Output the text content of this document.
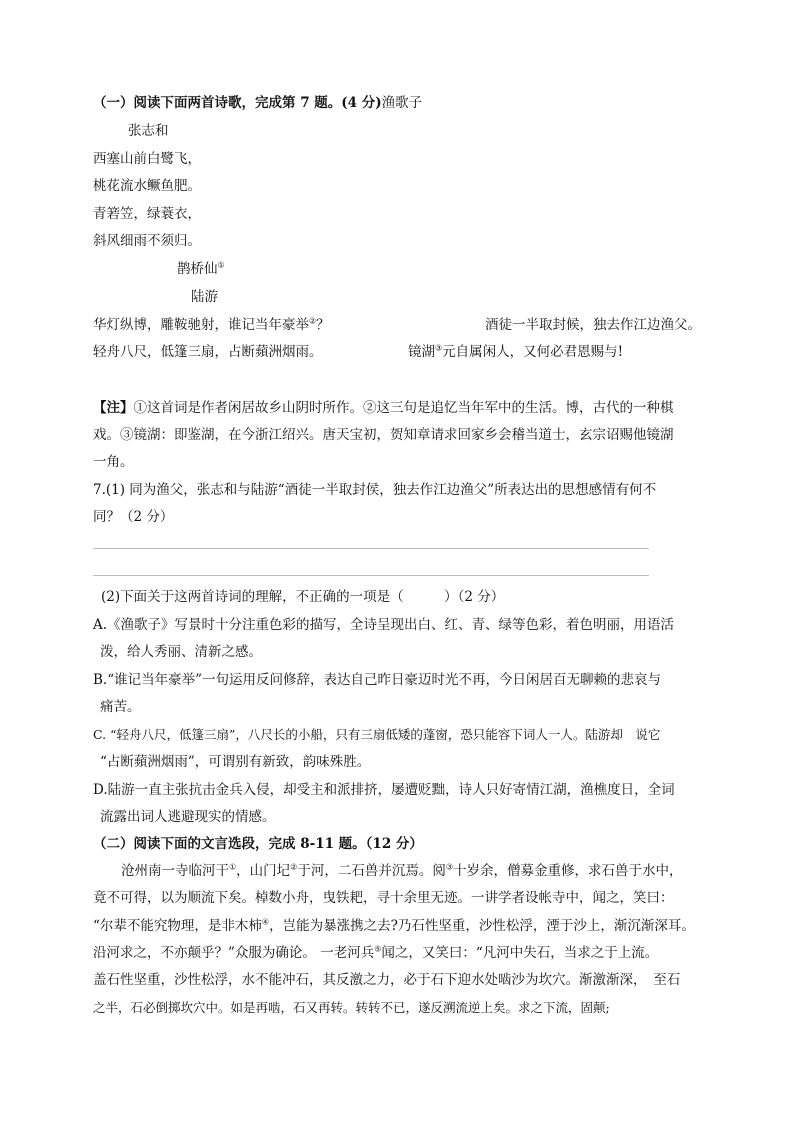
（一）阅读下面两首诗歌，完成第 7 题。(4 分)渔歌子
张志和
西塞山前白鹭飞，
桃花流水鳜鱼肥。
青箬笠，绿蓑衣，
斜风细雨不须归。
鹊桥仙①
陆游
华灯纵博，雕鞍驰射，谁记当年豪举②？	酒徒一半取封候，独去作江边渔父。
轻舟八尺，低篷三扇，占断蘋洲烟雨。	镜湖③元自属闲人，又何必君恩赐与!
【注】①这首词是作者闲居故乡山阴时所作。②这三句是追忆当年军中的生活。博，古代的一种棋
戏。③镜湖：即鉴湖，在今浙江绍兴。唐天宝初，贺知章请求回家乡会稽当道士，玄宗诏赐他镜湖
一角。
7.(1) 同为渔父，张志和与陆游“酒徒一半取封侯，独去作江边渔父”所表达出的思想感情有何不
同？（2 分）
(2)下面关于这两首诗词的理解，不正确的一项是（　　　）（2 分）
A.《渔歌子》写景时十分注重色彩的描写，全诗呈现出白、红、青、绿等色彩，着色明丽，用语活
泼，给人秀丽、清新之感。
B.“谁记当年豪举”一句运用反问修辞，表达自己昨日豪迈时光不再，今日闲居百无聊赖的悲哀与
痛苦。
C. “轻舟八尺，低篷三扇”，八尺长的小船，只有三扇低矮的蓬窗，恐只能容下词人一人。陆游却　说它
“占断蘋洲烟雨”，可谓别有新致，韵味殊胜。
D.陆游一直主张抗击金兵入侵，却受主和派排挤，屡遭贬黜，诗人只好寄情江湖，渔樵度日，全词
流露出词人逃避现实的情感。
（二）阅读下面的文言选段，完成 8-11 题。（12 分）
沧州南一寺临河干①，山门圮②于河，二石兽并沉焉。阅③十岁余，僧募金重修，求石兽于水中，
竟不可得，以为顺流下矣。棹数小舟，曳铁耙，寻十余里无迹。一讲学者设帐寺中，闻之，笑曰：
“尔辈不能究物理，是非木柿④，岂能为暴涨携之去?乃石性坚重，沙性松浮，湮于沙上，渐沉渐深耳。
沿河求之，不亦颠乎？”众服为确论。 一老河兵⑤闻之，又笑曰：“凡河中失石，当求之于上流。
盖石性坚重，沙性松浮，水不能冲石，其反激之力，必于石下迎水处啮沙为坎穴。渐激渐深，　至石
之半，石必倒掷坎穴中。如是再啮，石又再转。转转不已，遂反溯流逆上矣。求之下流，固颠;
